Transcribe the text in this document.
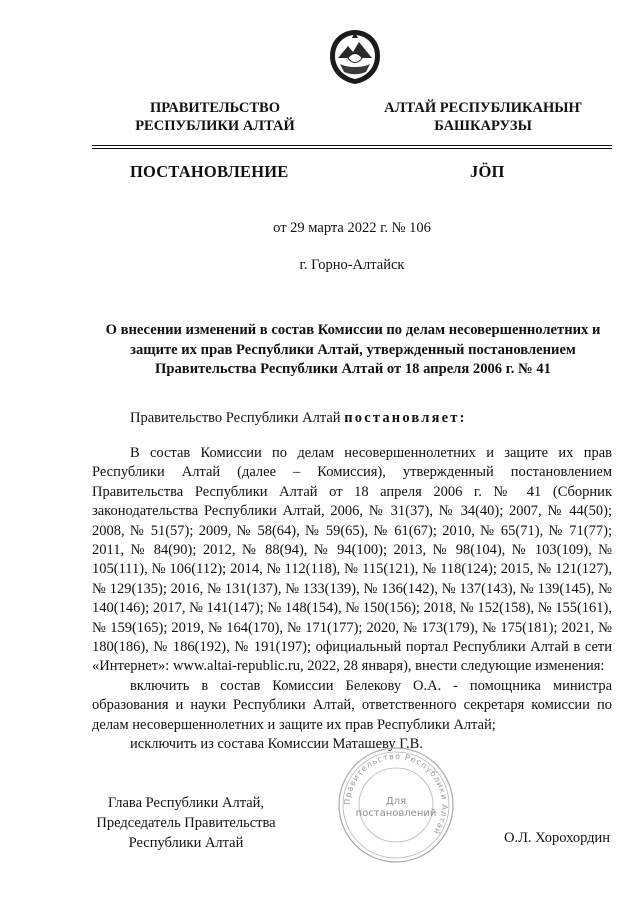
ПРАВИТЕЛЬСТВО
РЕСПУБЛИКИ АЛТАЙ
АЛТАЙ РЕСПУБЛИКАНЫҤ
БАШКАРУЗЫ
ПОСТАНОВЛЕНИЕ	JÖП
от 29 марта 2022 г. № 106
г. Горно-Алтайск
О внесении изменений в состав Комиссии по делам несовершеннолетних и
защите их прав Республики Алтай, утвержденный постановлением
Правительства Республики Алтай от 18 апреля 2006 г. № 41
Правительство Республики Алтай постановляет:

В состав Комиссии по делам несовершеннолетних и защите их прав Республики Алтай (далее – Комиссия), утвержденный постановлением Правительства Республики Алтай от 18 апреля 2006 г. № 41 (Сборник законодательства Республики Алтай, 2006, № 31(37), № 34(40); 2007, № 44(50); 2008, № 51(57); 2009, № 58(64), № 59(65), № 61(67); 2010, № 65(71), № 71(77); 2011, № 84(90); 2012, № 88(94), № 94(100); 2013, № 98(104), № 103(109), № 105(111), № 106(112); 2014, № 112(118), № 115(121), № 118(124); 2015, № 121(127), № 129(135); 2016, № 131(137), № 133(139), № 136(142), № 137(143), № 139(145), № 140(146); 2017, № 141(147); № 148(154), № 150(156); 2018, № 152(158), № 155(161), № 159(165); 2019, № 164(170), № 171(177); 2020, № 173(179), № 175(181); 2021, № 180(186), № 186(192), № 191(197); официальный портал Республики Алтай в сети «Интернет»: www.altai-republic.ru, 2022, 28 января), внести следующие изменения:

включить в состав Комиссии Белекову О.А. - помощника министра образования и науки Республики Алтай, ответственного секретаря комиссии по делам несовершеннолетних и защите их прав Республики Алтай;

исключить из состава Комиссии Маташеву Г.В.

Правительство Республики Алтай
Для
постановлений
Глава Республики Алтай,
Председатель Правительства
Республики Алтай	О.Л. Хорохордин
